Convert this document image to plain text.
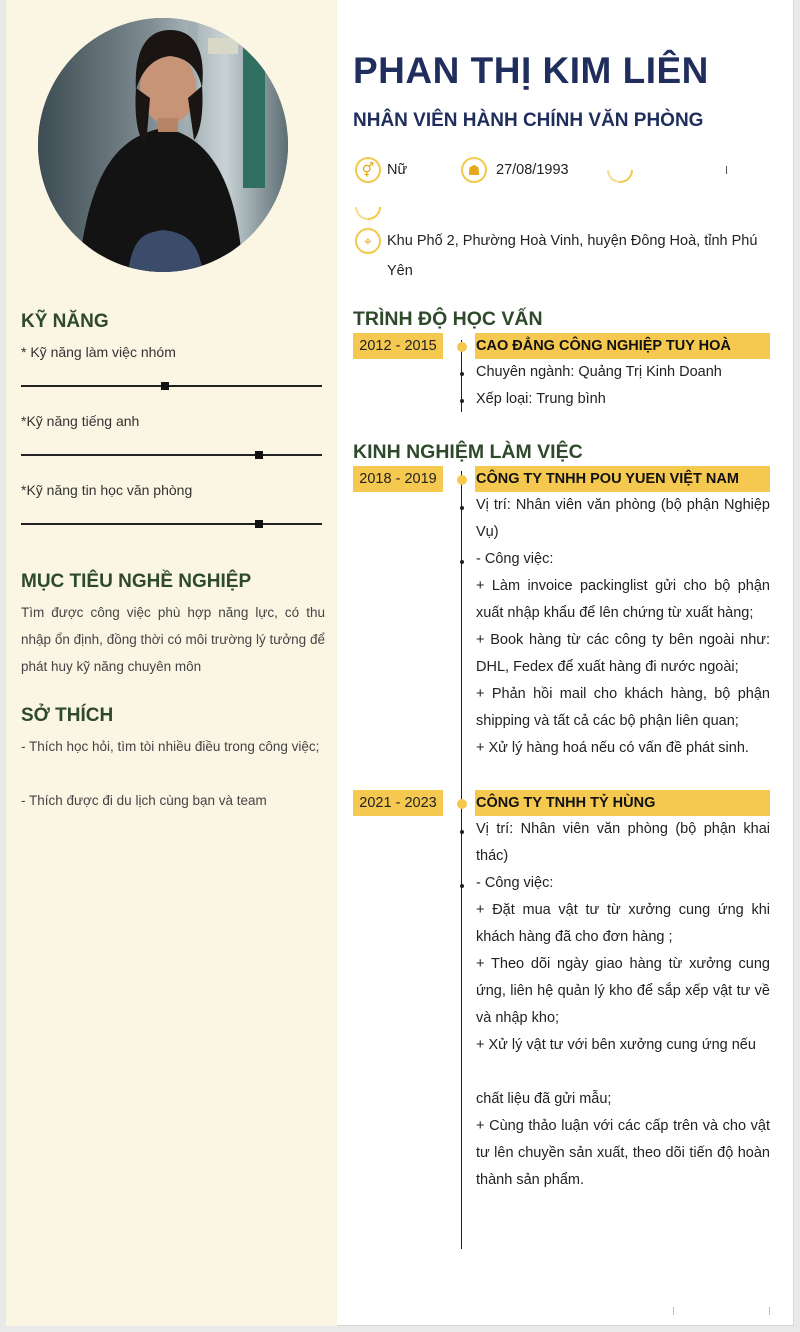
PHAN THỊ KIM LIÊN
NHÂN VIÊN HÀNH CHÍNH VĂN PHÒNG
⚥ Nữ	☗	27/08/1993
⌖	Khu Phố 2, Phường Hoà Vinh, huyện Đông Hoà, tỉnh Phú
Yên
KỸ NĂNG
* Kỹ năng làm việc nhóm
*Kỹ năng tiếng anh
*Kỹ năng tin học văn phòng
MỤC TIÊU NGHỀ NGHIỆP
Tìm được công việc phù hợp năng lực, có thu nhập ổn định, đồng thời có môi trường lý tưởng để phát huy kỹ năng chuyên môn
SỞ THÍCH
- Thích học hỏi, tìm tòi nhiều điều trong công việc;
- Thích được đi du lịch cùng bạn và team
TRÌNH ĐỘ HỌC VẤN
2012 - 2015	CAO ĐẲNG CÔNG NGHIỆP TUY HOÀ
Chuyên ngành: Quảng Trị Kinh Doanh
Xếp loại: Trung bình
KINH NGHIỆM LÀM VIỆC
2018 - 2019	CÔNG TY TNHH POU YUEN VIỆT NAM
Vị trí: Nhân viên văn phòng (bộ phận Nghiệp Vụ)
- Công việc:
+ Làm invoice packinglist gửi cho bộ phận xuất nhập khẩu để lên chứng từ xuất hàng;
+ Book hàng từ các công ty bên ngoài như: DHL, Fedex để xuất hàng đi nước ngoài;
+ Phản hồi mail cho khách hàng, bộ phận shipping và tất cả các bộ phận liên quan;
+ Xử lý hàng hoá nếu có vấn đề phát sinh.
2021 - 2023	CÔNG TY TNHH TỶ HÙNG
Vị trí: Nhân viên văn phòng (bộ phận khai thác)
- Công việc:
+ Đặt mua vật tư từ xưởng cung ứng khi khách hàng đã cho đơn hàng ;
+ Theo dõi ngày giao hàng từ xưởng cung ứng, liên hệ quản lý kho để sắp xếp vật tư về và nhập kho;
+ Xử lý vật tư với bên xưởng cung ứng nếu
chất liệu đã gửi mẫu;
+ Cùng thảo luận với các cấp trên và cho vật tư lên chuyền sản xuất, theo dõi tiến độ hoàn thành sản phẩm.
